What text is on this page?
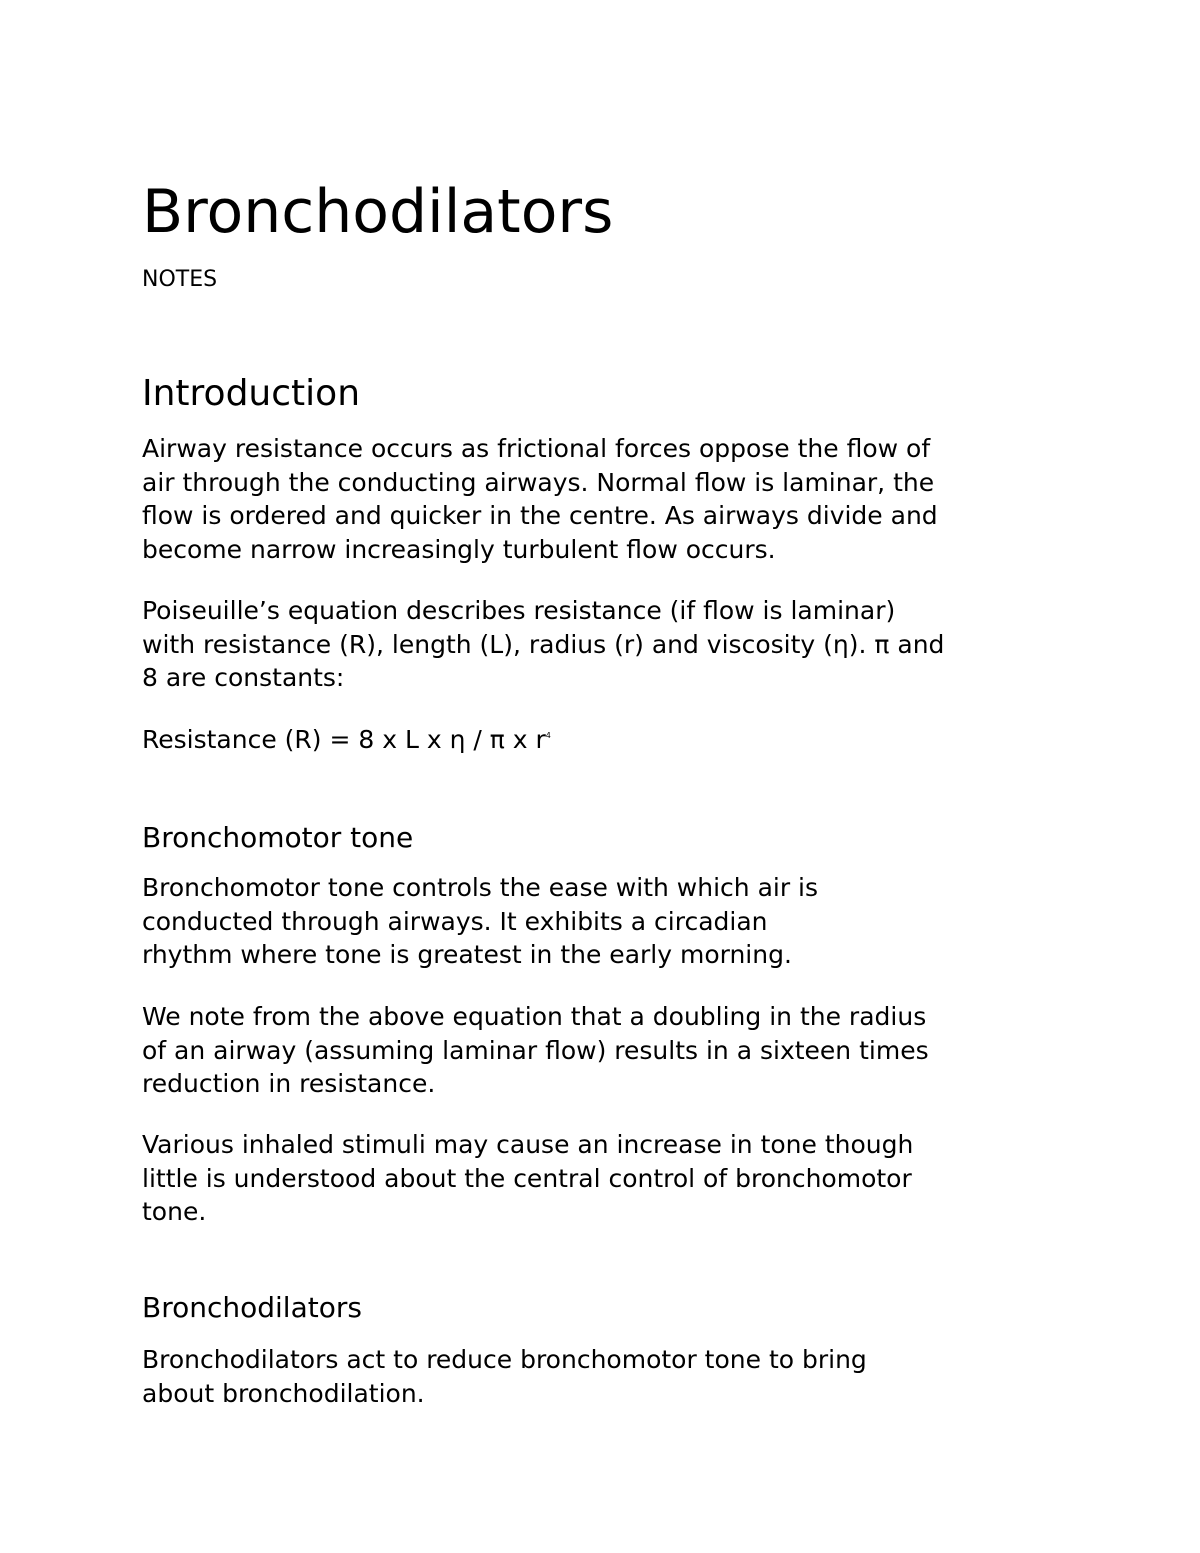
Bronchodilators
NOTES
Introduction

Airway resistance occurs as frictional forces oppose the flow of
air through the conducting airways. Normal flow is laminar, the
flow is ordered and quicker in the centre. As airways divide and
become narrow increasingly turbulent flow occurs.

Poiseuille’s equation describes resistance (if flow is laminar)
with resistance (R), length (L), radius (r) and viscosity (η). π and
8 are constants:

Resistance (R) = 8 x L x η / π x $r^4$

Bronchomotor tone

Bronchomotor tone controls the ease with which air is
conducted through airways. It exhibits a circadian
rhythm where tone is greatest in the early morning.

We note from the above equation that a doubling in the radius
of an airway (assuming laminar flow) results in a sixteen times
reduction in resistance.

Various inhaled stimuli may cause an increase in tone though
little is understood about the central control of bronchomotor
tone.

Bronchodilators

Bronchodilators act to reduce bronchomotor tone to bring
about bronchodilation.
